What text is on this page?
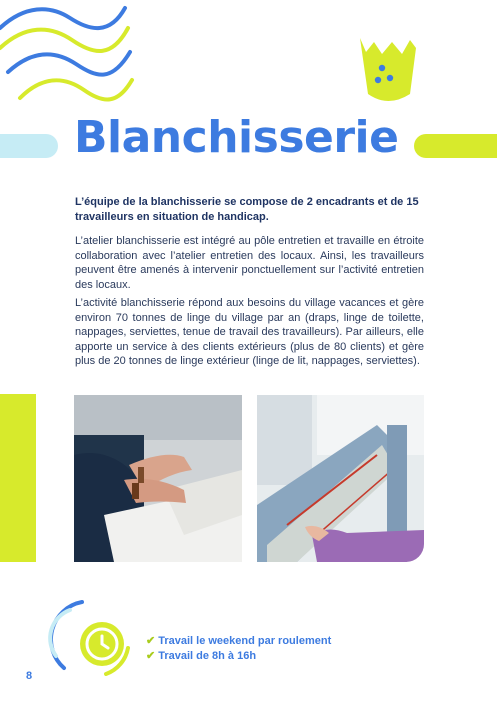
Blanchisserie
L’équipe de la blanchisserie se compose de 2 encadrants et de 15 travailleurs en situation de handicap.
L’atelier blanchisserie est intégré au pôle entretien et travaille en étroite collaboration avec l’atelier entretien des locaux. Ainsi, les travailleurs peuvent être amenés à intervenir ponctuellement sur l’activité entretien des locaux.
L’activité blanchisserie répond aux besoins du village vacances et gère environ 70 tonnes de linge du village par an (draps, linge de toilette, nappages, serviettes, tenue de travail des travailleurs). Par ailleurs, elle apporte un service à des clients extérieurs (plus de 80 clients) et gère plus de 20 tonnes de linge extérieur (linge de lit, nappages, serviettes).
✔ Travail le weekend par roulement
✔ Travail de 8h à 16h
8
